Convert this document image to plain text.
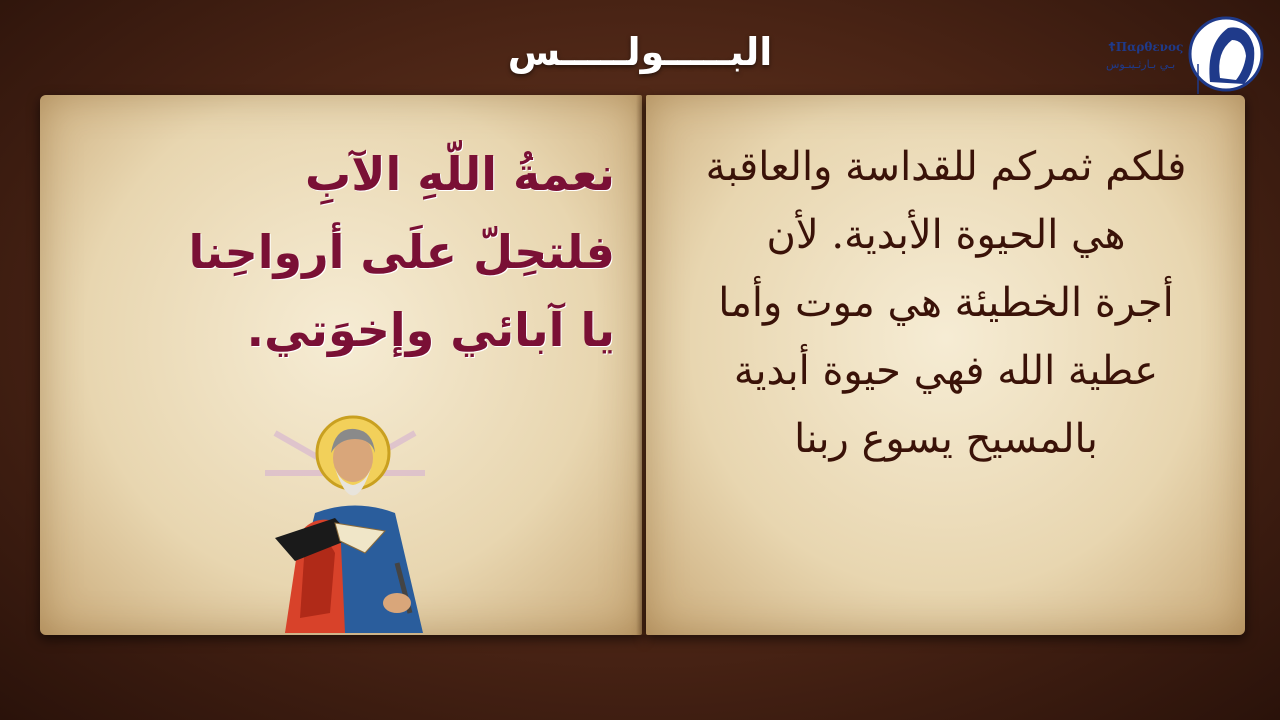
البـــــولـــــس	☦Παρθενος
بـي بـارثـينـوس
نعمةُ اللّهِ الآبِ
فلتحِلّ علَى أرواحِنا
يا آبائي وإخوَتي.
فلكم ثمركم للقداسة والعاقبة
هي الحيوة الأبدية. لأن
أجرة الخطيئة هي موت وأما
عطية الله فهي حيوة أبدية
بالمسيح يسوع ربنا
